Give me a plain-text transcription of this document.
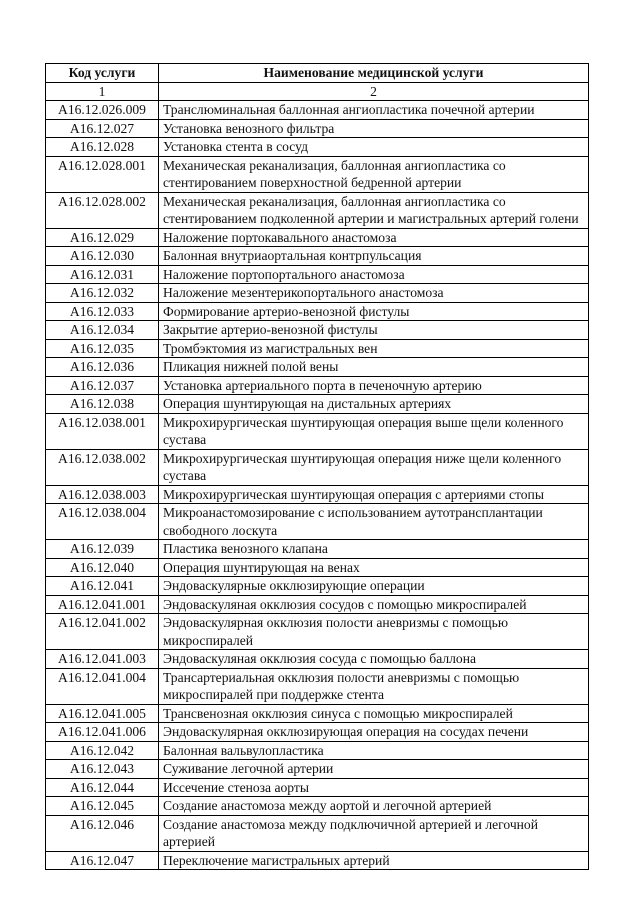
Код услуги	Наименование медицинской услуги
1	2
A16.12.026.009	Транслюминальная баллонная ангиопластика почечной артерии
A16.12.027	Установка венозного фильтра
A16.12.028	Установка стента в сосуд
A16.12.028.001	Механическая реканализация, баллонная ангиопластика со стентированием поверхностной бедренной артерии
A16.12.028.002	Механическая реканализация, баллонная ангиопластика со стентированием подколенной артерии и магистральных артерий голени
A16.12.029	Наложение портокавального анастомоза
A16.12.030	Балонная внутриаортальная контрпульсация
A16.12.031	Наложение портопортального анастомоза
A16.12.032	Наложение мезентерикопортального анастомоза
A16.12.033	Формирование артерио-венозной фистулы
A16.12.034	Закрытие артерио-венозной фистулы
A16.12.035	Тромбэктомия из магистральных вен
A16.12.036	Пликация нижней полой вены
A16.12.037	Установка артериального порта в печеночную артерию
A16.12.038	Операция шунтирующая на дистальных артериях
A16.12.038.001	Микрохирургическая шунтирующая операция выше щели коленного сустава
A16.12.038.002	Микрохирургическая шунтирующая операция ниже щели коленного сустава
A16.12.038.003	Микрохирургическая шунтирующая операция с артериями стопы
A16.12.038.004	Микроанастомозирование с использованием аутотрансплантации свободного лоскута
A16.12.039	Пластика венозного клапана
A16.12.040	Операция шунтирующая на венах
A16.12.041	Эндоваскулярные окклюзирующие операции
A16.12.041.001	Эндоваскуляная окклюзия сосудов с помощью микроспиралей
A16.12.041.002	Эндоваскулярная окклюзия полости аневризмы с помощью микроспиралей
A16.12.041.003	Эндоваскуляная окклюзия сосуда с помощью баллона
A16.12.041.004	Трансартериальная окклюзия полости аневризмы с помощью микроспиралей при поддержке стента
A16.12.041.005	Трансвенозная окклюзия синуса с помощью микроспиралей
A16.12.041.006	Эндоваскулярная окклюзирующая операция на сосудах печени
A16.12.042	Балонная вальвулопластика
A16.12.043	Суживание легочной артерии
A16.12.044	Иссечение стеноза аорты
A16.12.045	Создание анастомоза между аортой и легочной артерией
A16.12.046	Создание анастомоза между подключичной артерией и легочной артерией
A16.12.047	Переключение магистральных артерий
